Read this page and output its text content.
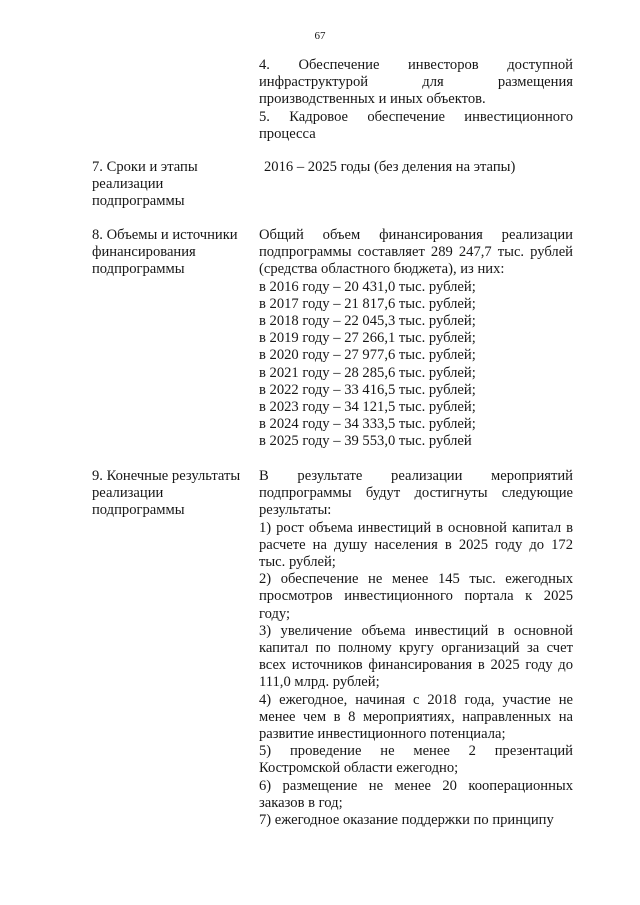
67

4. Обеспечение инвесторов доступной инфраструктурой для размещения производственных и иных объектов.

5. Кадровое обеспечение инвестиционного процесса

7. Сроки и этапы реализации подпрограммы
2016 – 2025 годы (без деления на этапы)
8. Объемы и источники финансирования подпрограммы

Общий объем финансирования реализации подпрограммы составляет 289 247,7 тыс. рублей (средства областного бюджета), из них:

в 2016 году – 20 431,0 тыс. рублей;
в 2017 году – 21 817,6 тыс. рублей;
в 2018 году – 22 045,3 тыс. рублей;
в 2019 году – 27 266,1 тыс. рублей;
в 2020 году – 27 977,6 тыс. рублей;
в 2021 году – 28 285,6 тыс. рублей;
в 2022 году – 33 416,5 тыс. рублей;
в 2023 году – 34 121,5 тыс. рублей;
в 2024 году – 34 333,5 тыс. рублей;
в 2025 году – 39 553,0 тыс. рублей
9. Конечные результаты реализации подпрограммы

В результате реализации мероприятий подпрограммы будут достигнуты следующие результаты:

1) рост объема инвестиций в основной капитал в расчете на душу населения в 2025 году до 172 тыс. рублей;

2) обеспечение не менее 145 тыс. ежегодных просмотров инвестиционного портала к 2025 году;

3) увеличение объема инвестиций в основной капитал по полному кругу организаций за счет всех источников финансирования в 2025 году до 111,0 млрд. рублей;

4) ежегодное, начиная с 2018 года, участие не менее чем в 8 мероприятиях, направленных на развитие инвестиционного потенциала;

5) проведение не менее 2 презентаций Костромской области ежегодно;

6) размещение не менее 20 кооперационных заказов в год;

7) ежегодное оказание поддержки по принципу
